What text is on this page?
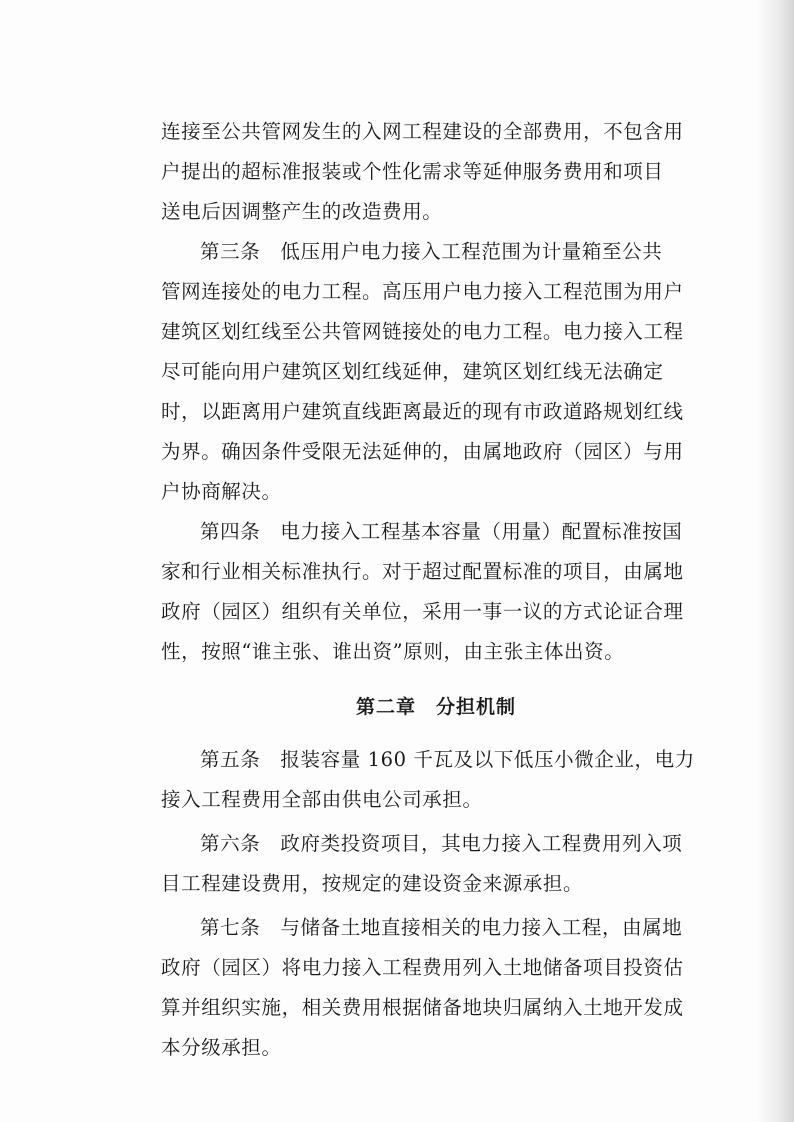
连接至公共管网发生的入网工程建设的全部费用，不包含用
户提出的超标准报装或个性化需求等延伸服务费用和项目
送电后因调整产生的改造费用。

第三条　低压用户电力接入工程范围为计量箱至公共
管网连接处的电力工程。高压用户电力接入工程范围为用户
建筑区划红线至公共管网链接处的电力工程。电力接入工程
尽可能向用户建筑区划红线延伸，建筑区划红线无法确定
时，以距离用户建筑直线距离最近的现有市政道路规划红线
为界。确因条件受限无法延伸的，由属地政府（园区）与用
户协商解决。

第四条　电力接入工程基本容量（用量）配置标准按国
家和行业相关标准执行。对于超过配置标准的项目，由属地
政府（园区）组织有关单位，采用一事一议的方式论证合理
性，按照“谁主张、谁出资”原则，由主张主体出资。

第二章　分担机制

第五条　报装容量 160 千瓦及以下低压小微企业，电力
接入工程费用全部由供电公司承担。

第六条　政府类投资项目，其电力接入工程费用列入项
目工程建设费用，按规定的建设资金来源承担。

第七条　与储备土地直接相关的电力接入工程，由属地
政府（园区）将电力接入工程费用列入土地储备项目投资估
算并组织实施，相关费用根据储备地块归属纳入土地开发成
本分级承担。
